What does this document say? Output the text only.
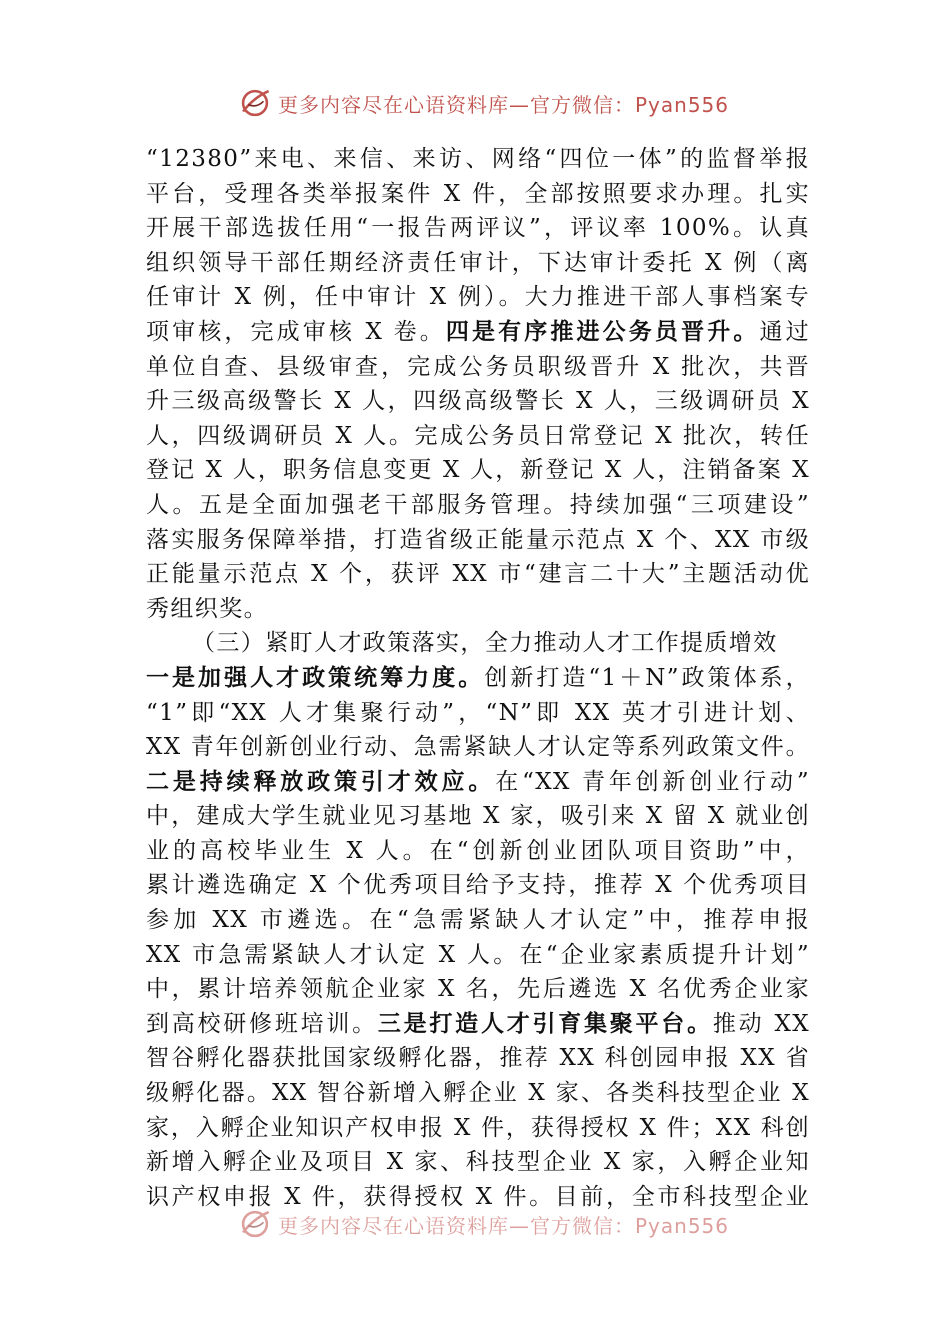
更多内容尽在心语资料库—官方微信：Pyan556
“12380”来电、来信、来访、网络“四位一体”的监督举报
平台，受理各类举报案件 X 件，全部按照要求办理。扎实
开展干部选拔任用“一报告两评议”，评议率 100%。认真
组织领导干部任期经济责任审计，下达审计委托 X 例（离
任审计 X 例，任中审计 X 例）。大力推进干部人事档案专
项审核，完成审核 X 卷。四是有序推进公务员晋升。通过
单位自查、县级审查，完成公务员职级晋升 X 批次，共晋
升三级高级警长 X 人，四级高级警长 X 人，三级调研员 X
人，四级调研员 X 人。完成公务员日常登记 X 批次，转任
登记 X 人，职务信息变更 X 人，新登记 X 人，注销备案 X
人。五是全面加强老干部服务管理。持续加强“三项建设”
落实服务保障举措，打造省级正能量示范点 X 个、XX 市级
正能量示范点 X 个，获评 XX 市“建言二十大”主题活动优
秀组织奖。
（三）紧盯人才政策落实，全力推动人才工作提质增效
一是加强人才政策统筹力度。创新打造“1＋N”政策体系，
“1”即“XX 人才集聚行动”，“N”即 XX 英才引进计划、
XX 青年创新创业行动、急需紧缺人才认定等系列政策文件。
二是持续释放政策引才效应。在“XX 青年创新创业行动”
中，建成大学生就业见习基地 X 家，吸引来 X 留 X 就业创
业的高校毕业生 X 人。在“创新创业团队项目资助”中，
累计遴选确定 X 个优秀项目给予支持，推荐 X 个优秀项目
参加 XX 市遴选。在“急需紧缺人才认定”中，推荐申报
XX 市急需紧缺人才认定 X 人。在“企业家素质提升计划”
中，累计培养领航企业家 X 名，先后遴选 X 名优秀企业家
到高校研修班培训。三是打造人才引育集聚平台。推动 XX
智谷孵化器获批国家级孵化器，推荐 XX 科创园申报 XX 省
级孵化器。XX 智谷新增入孵企业 X 家、各类科技型企业 X
家，入孵企业知识产权申报 X 件，获得授权 X 件；XX 科创
新增入孵企业及项目 X 家、科技型企业 X 家，入孵企业知
识产权申报 X 件，获得授权 X 件。目前，全市科技型企业
更多内容尽在心语资料库—官方微信：Pyan556
